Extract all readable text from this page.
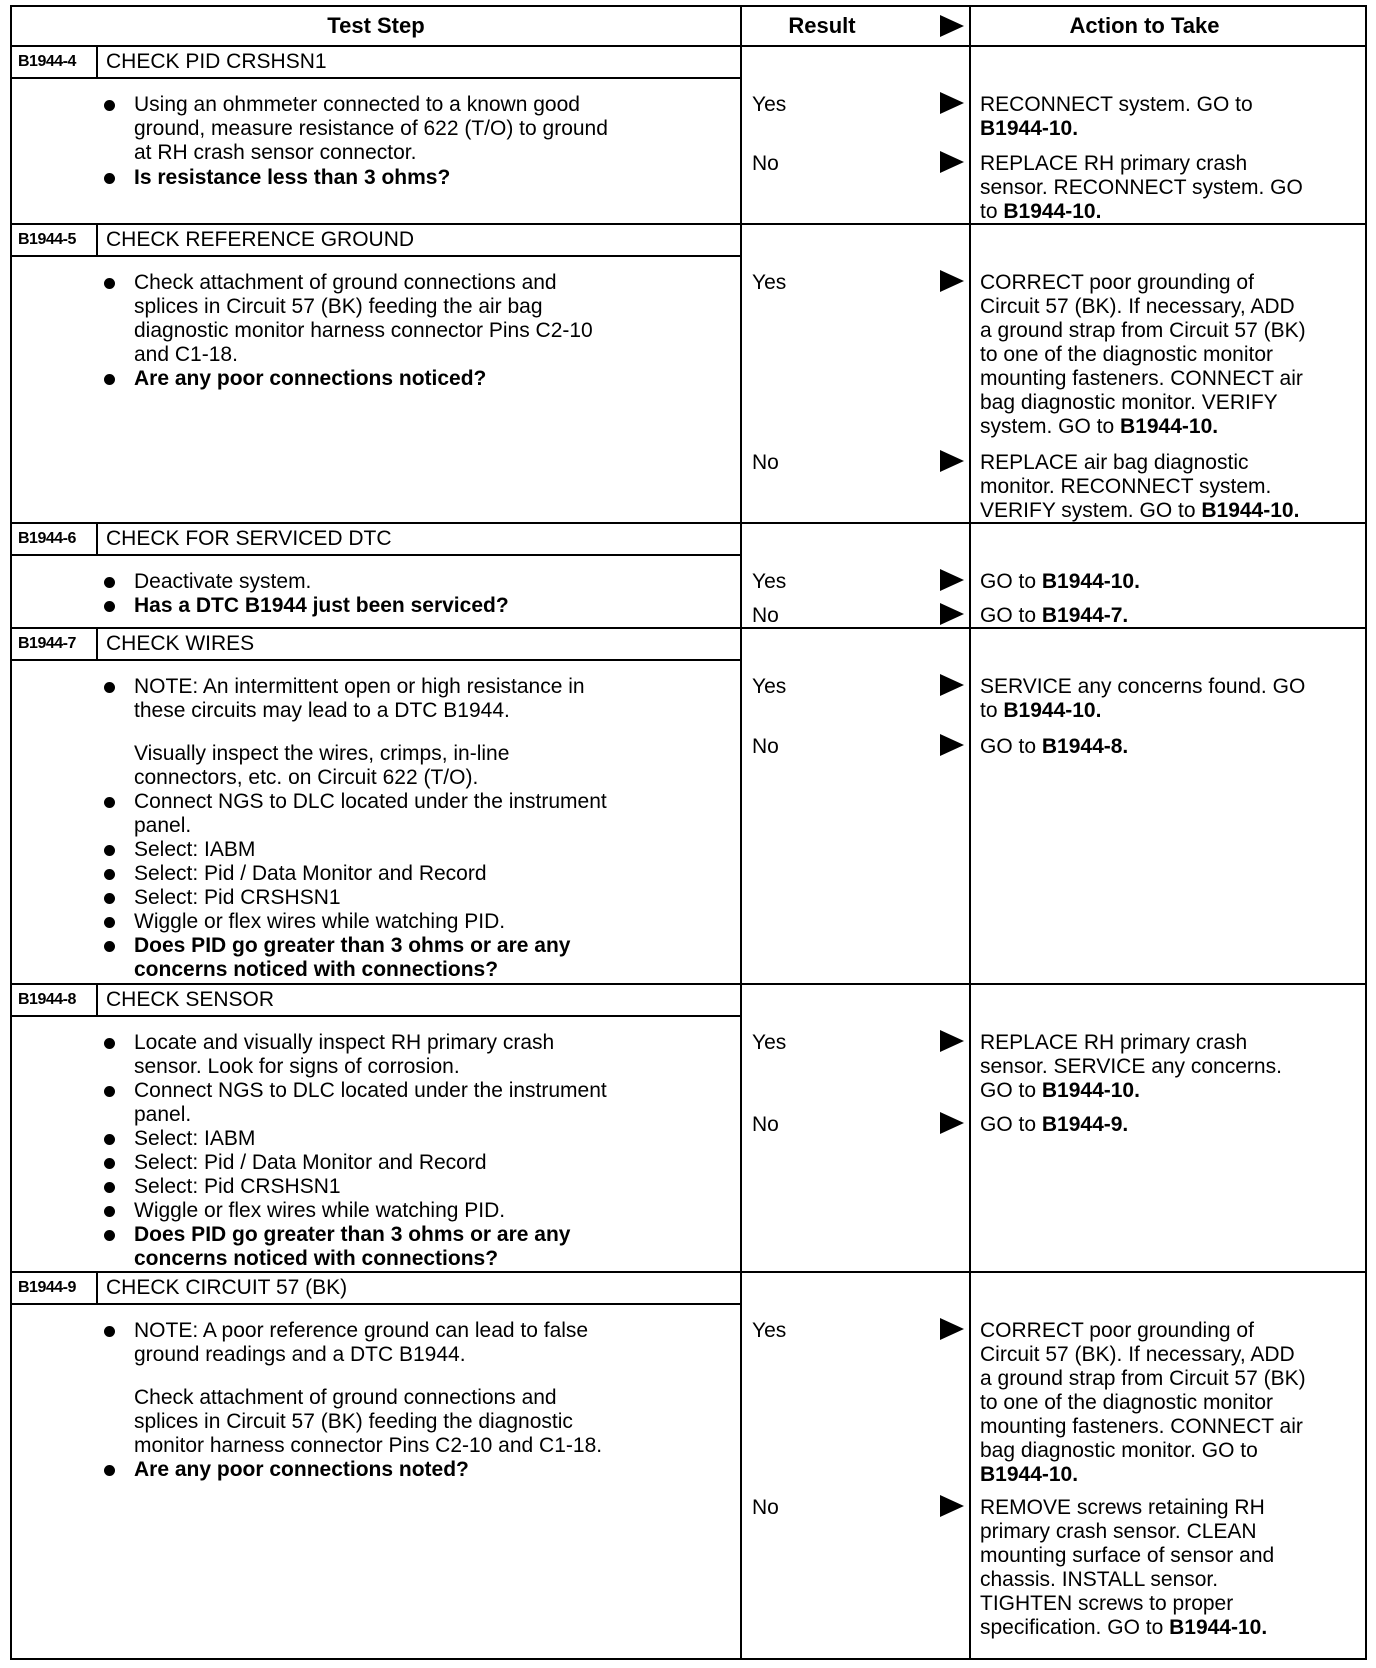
Test Step	Result	Action to Take
B1944-4 CHECK PID CRSHSN1
Using an ohmmeter connected to a known good
ground, measure resistance of 622 (T/O) to ground
at RH crash sensor connector.
Is resistance less than 3 ohms?
Yes	RECONNECT system. GO to
B1944-10.
No	REPLACE RH primary crash
sensor. RECONNECT system. GO
to B1944-10.
B1944-5 CHECK REFERENCE GROUND
Check attachment of ground connections and
splices in Circuit 57 (BK) feeding the air bag
diagnostic monitor harness connector Pins C2-10
and C1-18.
Are any poor connections noticed?
Yes	CORRECT poor grounding of
Circuit 57 (BK). If necessary, ADD
a ground strap from Circuit 57 (BK)
to one of the diagnostic monitor
mounting fasteners. CONNECT air
bag diagnostic monitor. VERIFY
system. GO to B1944-10.
No	REPLACE air bag diagnostic
monitor. RECONNECT system.
VERIFY system. GO to B1944-10.
B1944-6 CHECK FOR SERVICED DTC
Deactivate system.
Has a DTC B1944 just been serviced?
Yes	GO to B1944-10.
No	GO to B1944-7.
B1944-7 CHECK WIRES
NOTE: An intermittent open or high resistance in
these circuits may lead to a DTC B1944.
Visually inspect the wires, crimps, in-line
connectors, etc. on Circuit 622 (T/O).
Connect NGS to DLC located under the instrument
panel.
Select: IABM
Select: Pid / Data Monitor and Record
Select: Pid CRSHSN1
Wiggle or flex wires while watching PID.
Does PID go greater than 3 ohms or are any
concerns noticed with connections?
Yes	SERVICE any concerns found. GO
to B1944-10.
No	GO to B1944-8.
B1944-8 CHECK SENSOR
Locate and visually inspect RH primary crash
sensor. Look for signs of corrosion.
Connect NGS to DLC located under the instrument
panel.
Select: IABM
Select: Pid / Data Monitor and Record
Select: Pid CRSHSN1
Wiggle or flex wires while watching PID.
Does PID go greater than 3 ohms or are any
concerns noticed with connections?
Yes	REPLACE RH primary crash
sensor. SERVICE any concerns.
GO to B1944-10.
No	GO to B1944-9.
B1944-9 CHECK CIRCUIT 57 (BK)
NOTE: A poor reference ground can lead to false
ground readings and a DTC B1944.
Check attachment of ground connections and
splices in Circuit 57 (BK) feeding the diagnostic
monitor harness connector Pins C2-10 and C1-18.
Are any poor connections noted?
Yes	CORRECT poor grounding of
Circuit 57 (BK). If necessary, ADD
a ground strap from Circuit 57 (BK)
to one of the diagnostic monitor
mounting fasteners. CONNECT air
bag diagnostic monitor. GO to
B1944-10.
No	REMOVE screws retaining RH
primary crash sensor. CLEAN
mounting surface of sensor and
chassis. INSTALL sensor.
TIGHTEN screws to proper
specification. GO to B1944-10.
